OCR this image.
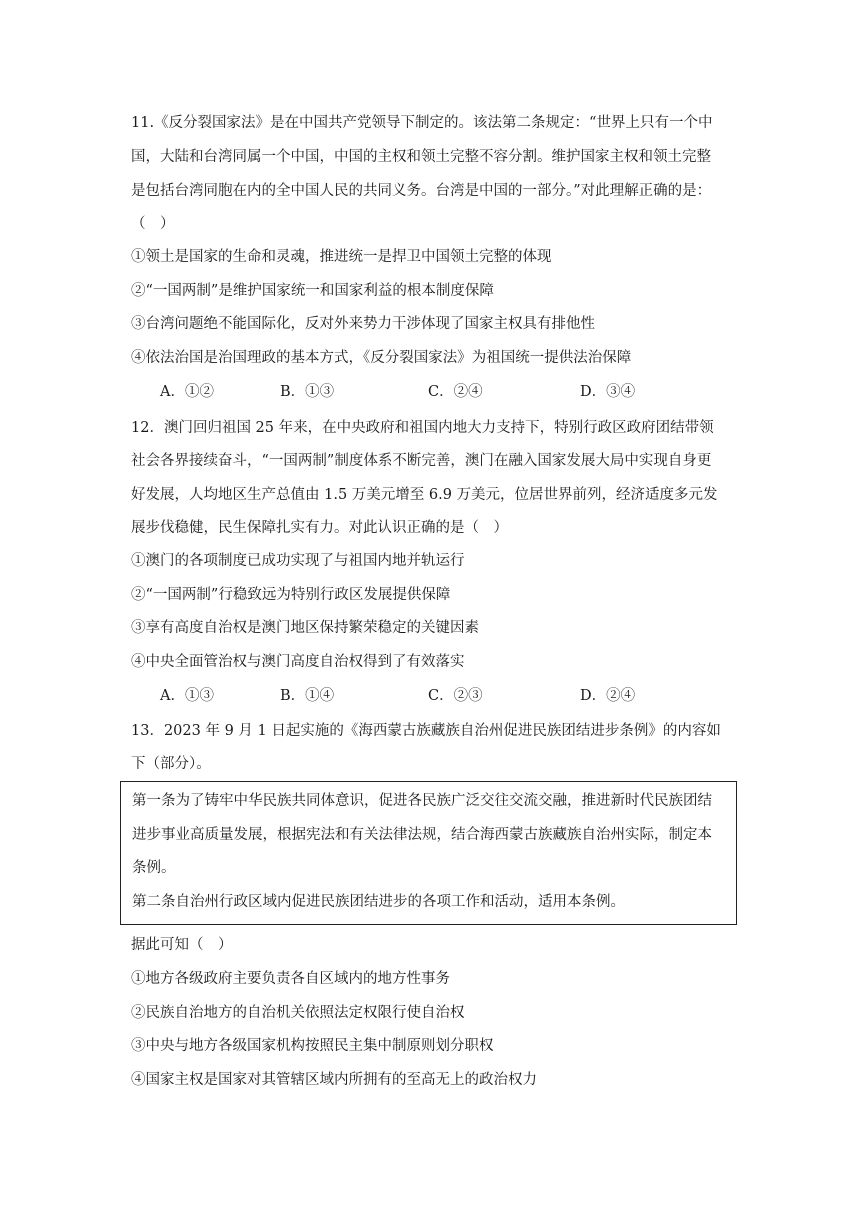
11.《反分裂国家法》是在中国共产党领导下制定的。该法第二条规定：“世界上只有一个中
国，大陆和台湾同属一个中国，中国的主权和领土完整不容分割。维护国家主权和领土完整
是包括台湾同胞在内的全中国人民的共同义务。台湾是中国的一部分。”对此理解正确的是：
（　）
①领土是国家的生命和灵魂，推进统一是捍卫中国领土完整的体现
②“一国两制”是维护国家统一和国家利益的根本制度保障
③台湾问题绝不能国际化，反对外来势力干涉体现了国家主权具有排他性
④依法治国是治国理政的基本方式，《反分裂国家法》为祖国统一提供法治保障
A．①②	B．①③	C．②④	D．③④
12．澳门回归祖国 25 年来，在中央政府和祖国内地大力支持下，特别行政区政府团结带领
社会各界接续奋斗，“一国两制”制度体系不断完善，澳门在融入国家发展大局中实现自身更
好发展，人均地区生产总值由 1.5 万美元增至 6.9 万美元，位居世界前列，经济适度多元发
展步伐稳健，民生保障扎实有力。对此认识正确的是（　）
①澳门的各项制度已成功实现了与祖国内地并轨运行
②“一国两制”行稳致远为特别行政区发展提供保障
③享有高度自治权是澳门地区保持繁荣稳定的关键因素
④中央全面管治权与澳门高度自治权得到了有效落实
A．①③	B．①④	C．②③	D．②④
13．2023 年 9 月 1 日起实施的《海西蒙古族藏族自治州促进民族团结进步条例》的内容如
下（部分）。
第一条为了铸牢中华民族共同体意识，促进各民族广泛交往交流交融，推进新时代民族团结
进步事业高质量发展，根据宪法和有关法律法规，结合海西蒙古族藏族自治州实际，制定本
条例。
第二条自治州行政区域内促进民族团结进步的各项工作和活动，适用本条例。
据此可知（　）
①地方各级政府主要负责各自区域内的地方性事务
②民族自治地方的自治机关依照法定权限行使自治权
③中央与地方各级国家机构按照民主集中制原则划分职权
④国家主权是国家对其管辖区域内所拥有的至高无上的政治权力
